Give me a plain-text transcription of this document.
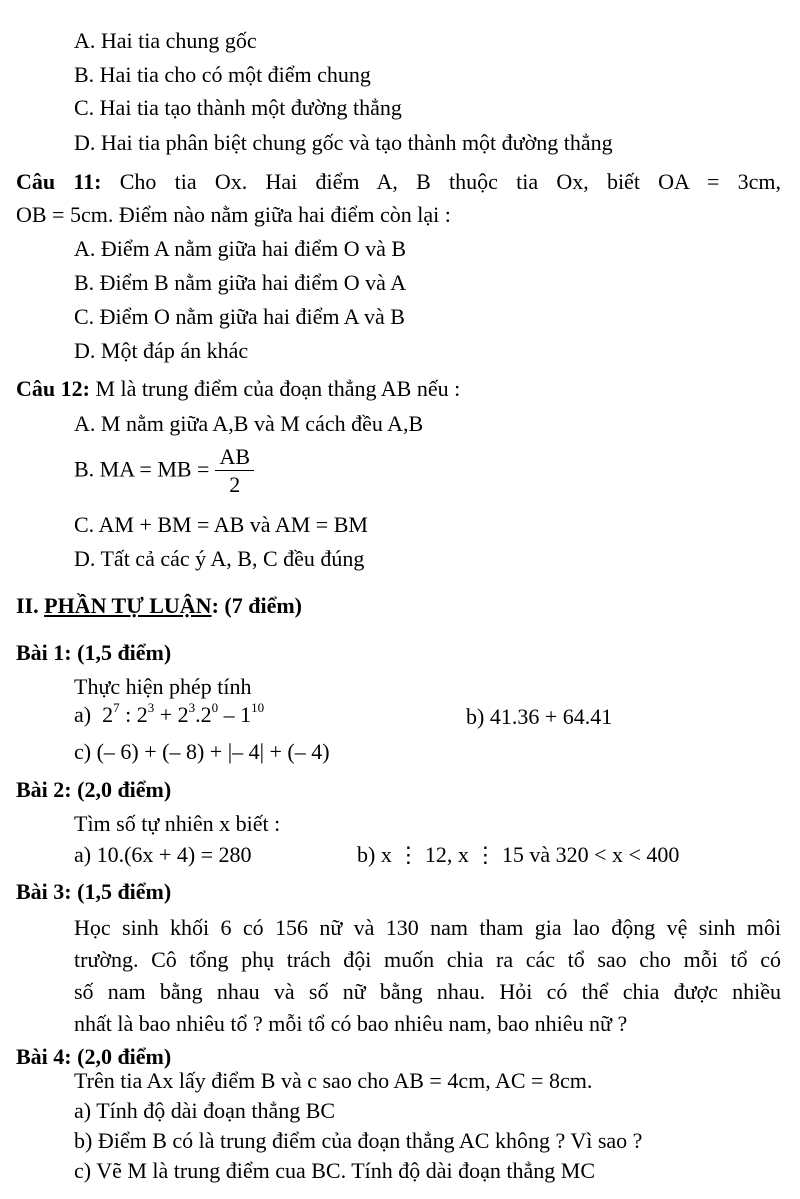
A. Hai tia chung gốc
B. Hai tia cho có một điểm chung
C. Hai tia tạo thành một đường thẳng
D. Hai tia phân biệt chung gốc và tạo thành một đường thẳng
Câu 11: Cho tia Ox. Hai điểm A, B thuộc tia Ox, biết OA = 3cm,
OB = 5cm. Điểm nào nằm giữa hai điểm còn lại :
A. Điểm A nằm giữa hai điểm O và B
B. Điểm B nằm giữa hai điểm O và A
C. Điểm O nằm giữa hai điểm A và B
D. Một đáp án khác
Câu 12: M là trung điểm của đoạn thẳng AB nếu :
A. M nằm giữa A,B và M cách đều A,B
B. MA = MB = $\frac{AB}{2}$
C. AM + BM = AB và AM = BM
D. Tất cả các ý A, B, C đều đúng
II. PHẦN TỰ LUẬN: (7 điểm)
Bài 1: (1,5 điểm)
Thực hiện phép tính
a) $2^7$ : $2^3 + 2^3.2^0 - 1^{10}$	b) 41.36 + 64.41
c) (– 6) + (– 8) + |– 4| + (– 4)
Bài 2: (2,0 điểm)
Tìm số tự nhiên x biết :
a) 10.(6x + 4) = 280	b) x ⋮ 12, x ⋮ 15 và 320 < x < 400
Bài 3: (1,5 điểm)
Học sinh khối 6 có 156 nữ và 130 nam tham gia lao động vệ sinh môi
trường. Cô tổng phụ trách đội muốn chia ra các tổ sao cho mỗi tổ có
số nam bằng nhau và số nữ bằng nhau. Hỏi có thể chia được nhiều
nhất là bao nhiêu tổ ? mỗi tổ có bao nhiêu nam, bao nhiêu nữ ?
Bài 4: (2,0 điểm)
Trên tia Ax lấy điểm B và c sao cho AB = 4cm, AC = 8cm.
a) Tính độ dài đoạn thẳng BC
b) Điểm B có là trung điểm của đoạn thẳng AC không ? Vì sao ?
c) Vẽ M là trung điểm cua BC. Tính độ dài đoạn thẳng MC
